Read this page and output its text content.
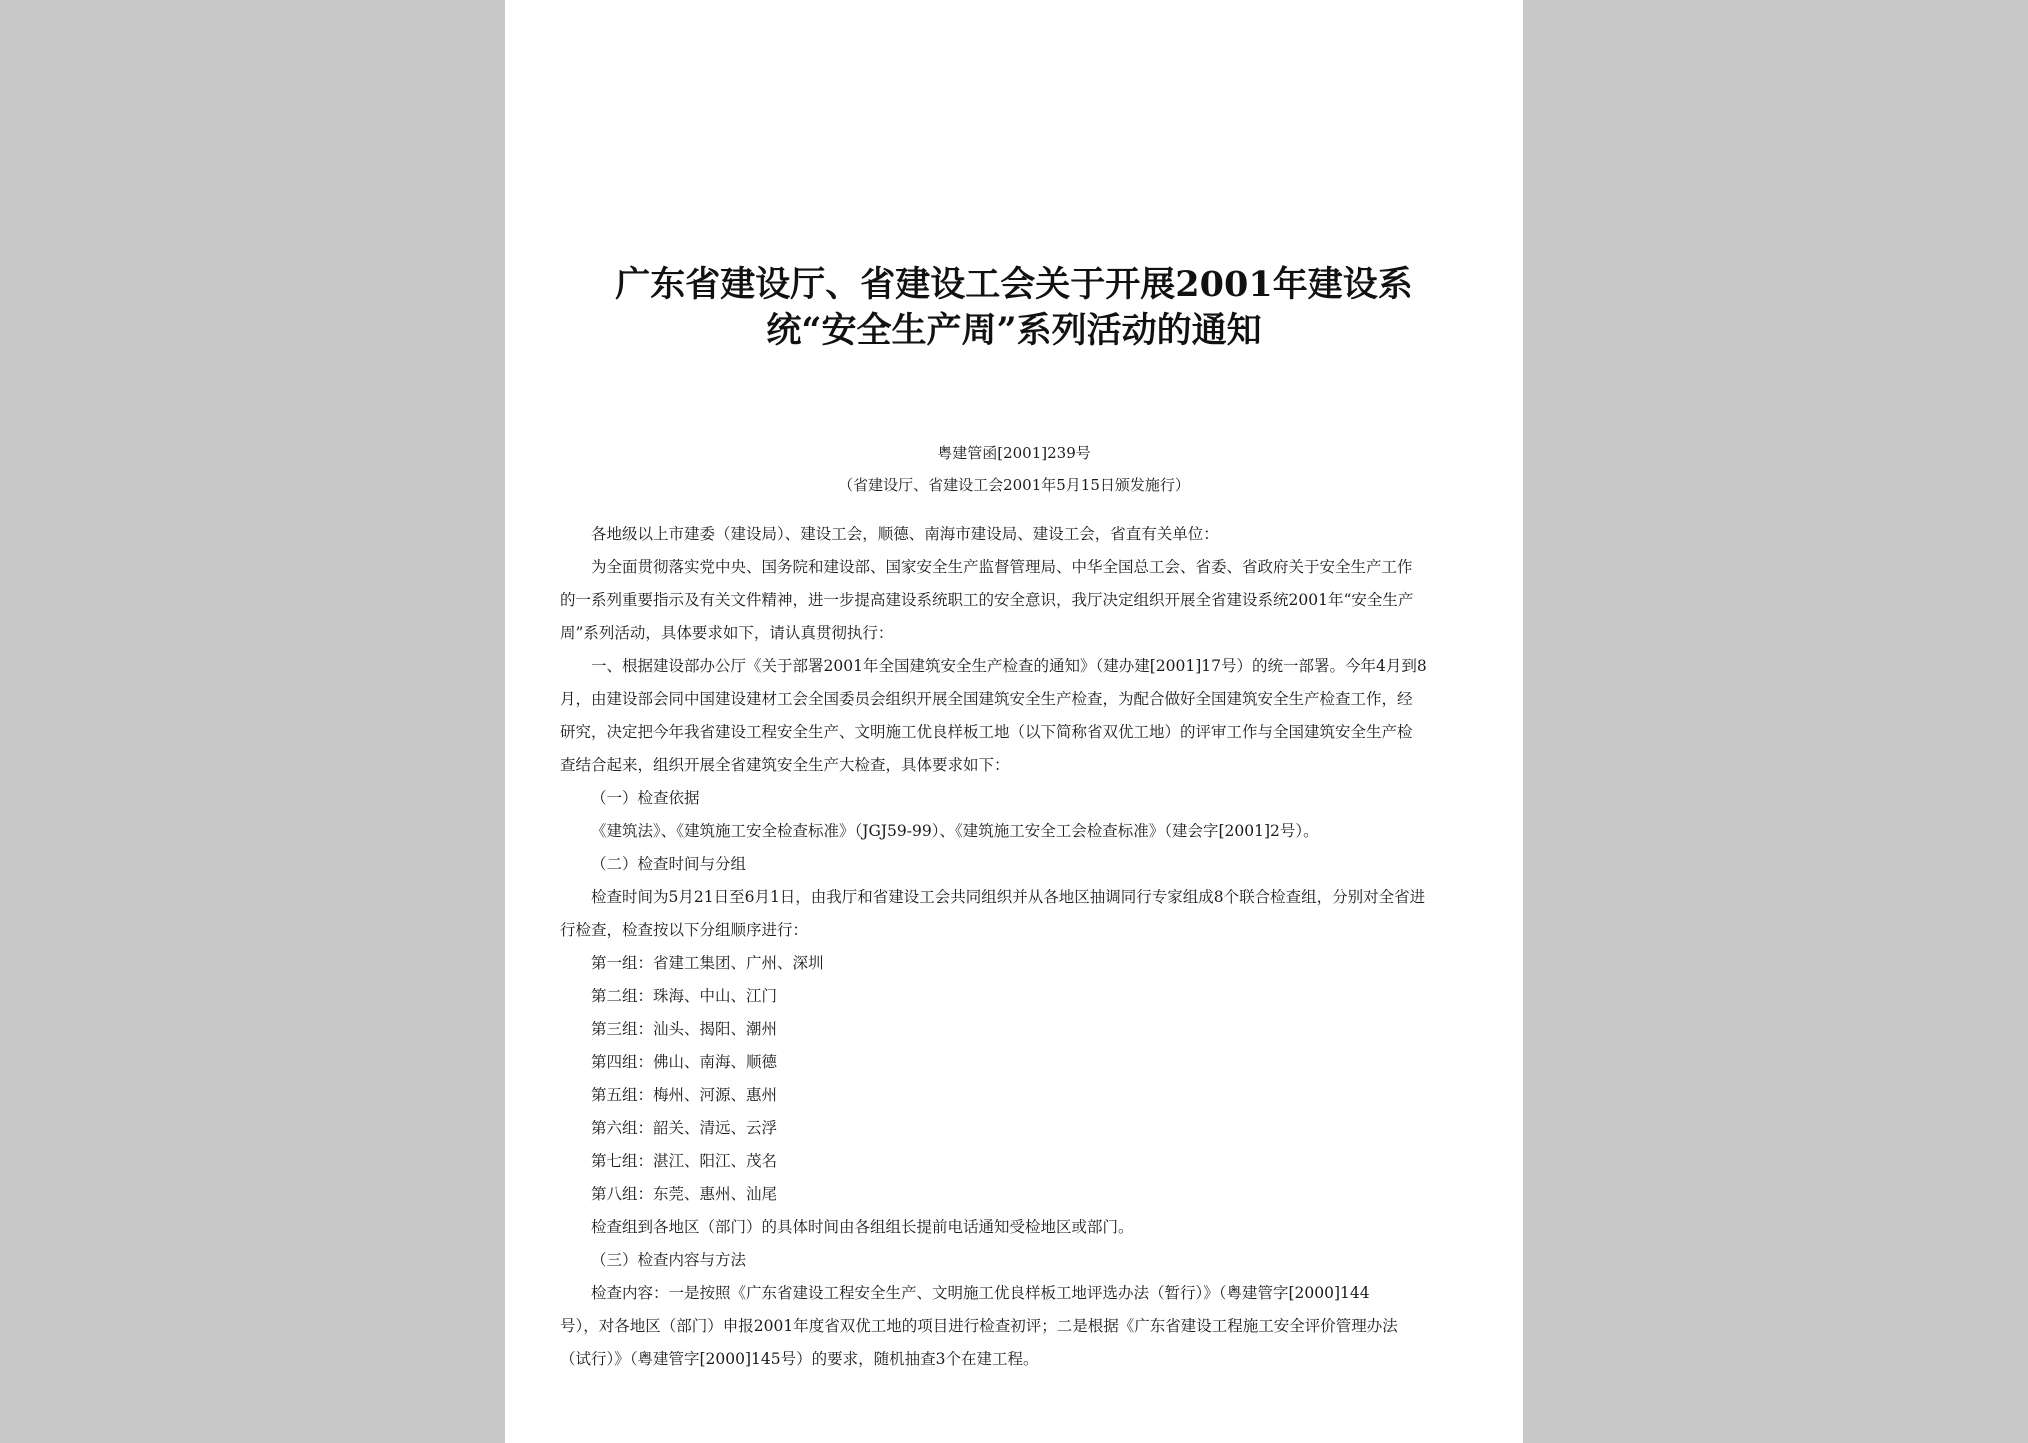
广东省建设厅、省建设工会关于开展2001年建设系
统“安全生产周”系列活动的通知
粤建管函[2001]239号
（省建设厅、省建设工会2001年5月15日颁发施行）

各地级以上市建委（建设局）、建设工会，顺德、南海市建设局、建设工会，省直有关单位：

为全面贯彻落实党中央、国务院和建设部、国家安全生产监督管理局、中华全国总工会、省委、省政府关于安全生产工作

的一系列重要指示及有关文件精神，进一步提高建设系统职工的安全意识，我厅决定组织开展全省建设系统2001年“安全生产

周”系列活动，具体要求如下，请认真贯彻执行：

一、根据建设部办公厅《关于部署2001年全国建筑安全生产检查的通知》（建办建[2001]17号）的统一部署。今年4月到8

月，由建设部会同中国建设建材工会全国委员会组织开展全国建筑安全生产检查，为配合做好全国建筑安全生产检查工作，经

研究，决定把今年我省建设工程安全生产、文明施工优良样板工地（以下简称省双优工地）的评审工作与全国建筑安全生产检

查结合起来，组织开展全省建筑安全生产大检查，具体要求如下：

（一）检查依据

《建筑法》、《建筑施工安全检查标准》（JGJ59-99）、《建筑施工安全工会检查标准》（建会字[2001]2号）。

（二）检查时间与分组

检查时间为5月21日至6月1日，由我厅和省建设工会共同组织并从各地区抽调同行专家组成8个联合检查组，分别对全省进

行检查，检查按以下分组顺序进行：

第一组：省建工集团、广州、深圳

第二组：珠海、中山、江门

第三组：汕头、揭阳、潮州

第四组：佛山、南海、顺德

第五组：梅州、河源、惠州

第六组：韶关、清远、云浮

第七组：湛江、阳江、茂名

第八组：东莞、惠州、汕尾

检查组到各地区（部门）的具体时间由各组组长提前电话通知受检地区或部门。

（三）检查内容与方法

检查内容：一是按照《广东省建设工程安全生产、文明施工优良样板工地评选办法（暂行）》（粤建管字[2000]144

号），对各地区（部门）申报2001年度省双优工地的项目进行检查初评；二是根据《广东省建设工程施工安全评价管理办法

（试行）》（粤建管字[2000]145号）的要求，随机抽查3个在建工程。
